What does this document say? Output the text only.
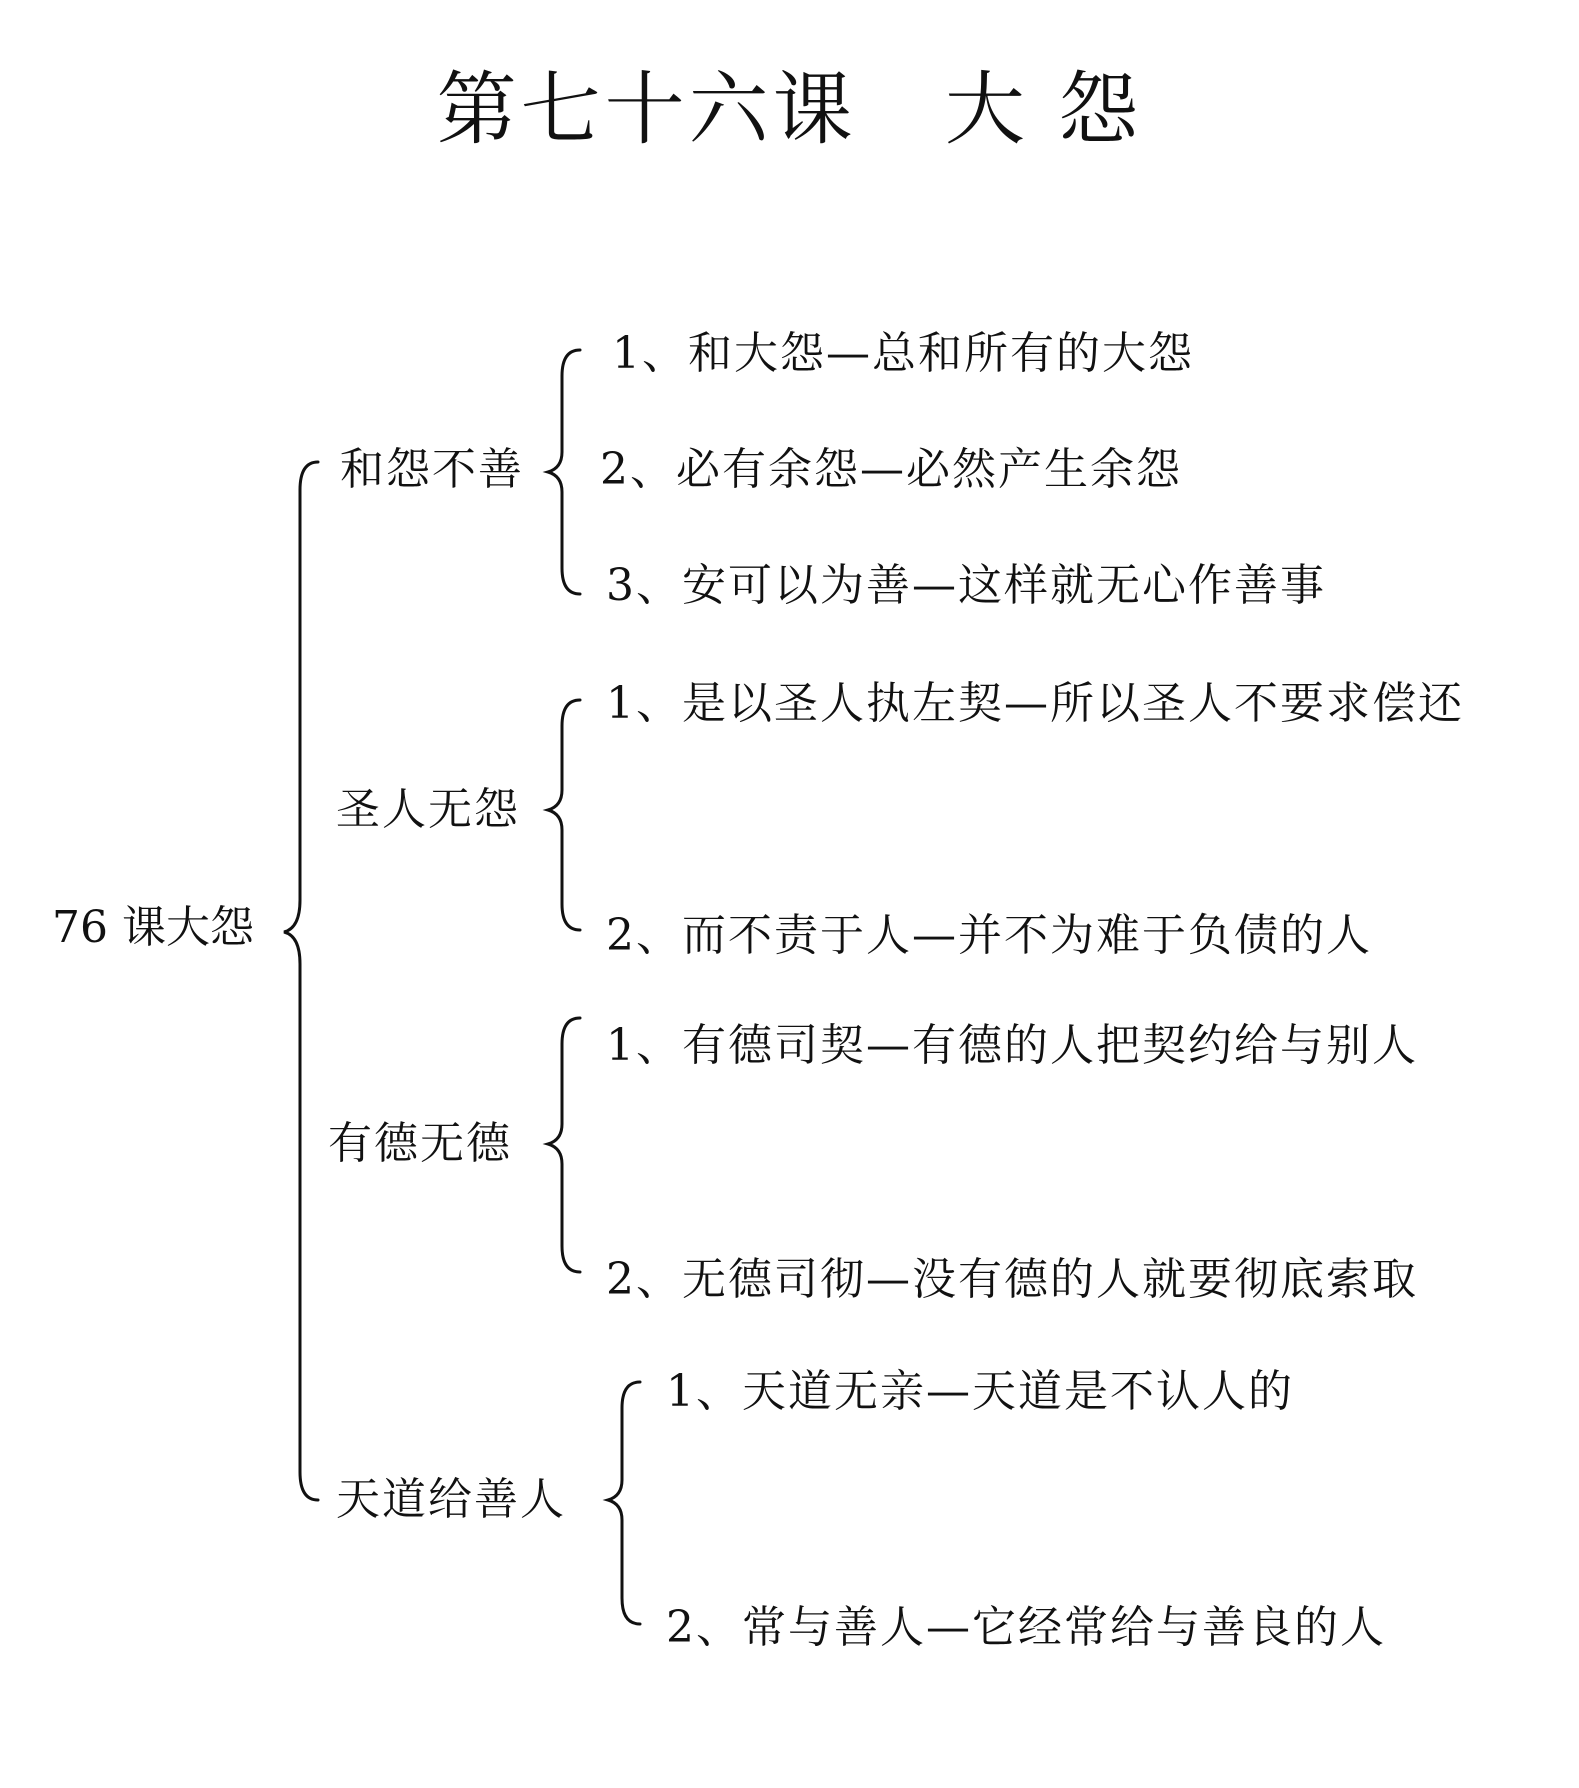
第七十六课   大 怨
76 课大怨
和怨不善
圣人无怨
有德无德
天道给善人
1、和大怨—总和所有的大怨
2、必有余怨—必然产生余怨
3、安可以为善—这样就无心作善事
1、是以圣人执左契—所以圣人不要求偿还
2、而不责于人—并不为难于负债的人
1、有德司契—有德的人把契约给与别人
2、无德司彻—没有德的人就要彻底索取
1、天道无亲—天道是不认人的
2、常与善人—它经常给与善良的人
